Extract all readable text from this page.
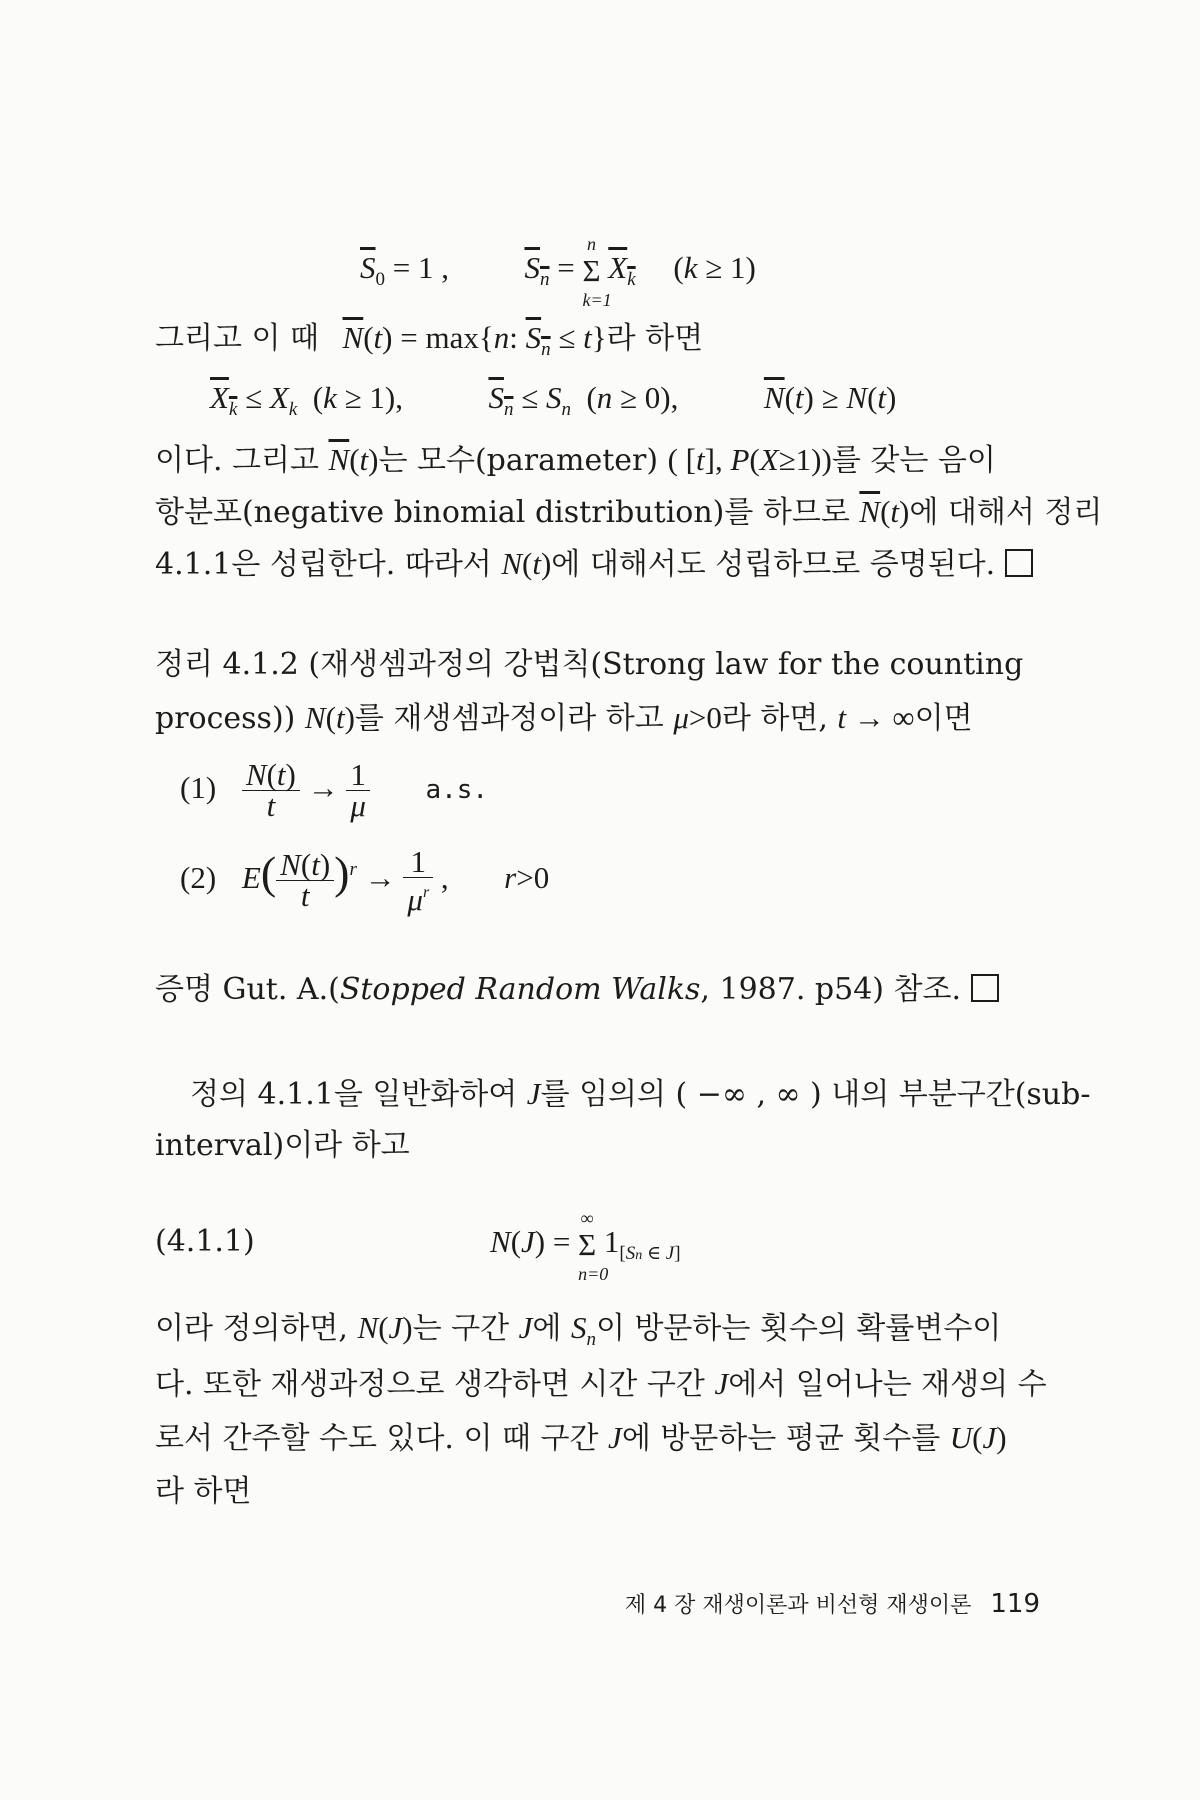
$\overline{S}_0 = 1$ ,  $S_n = \Sigma$
n
k=1
$X_k$ (k ≥ 1)
그리고 이 때 $\overline{N}(t) = \max\{n$: $S_n \le t$}라 하면
$X_k \le X_k$  (k ≥ 1),	$S_n \le S_n$  (n ≥ 0),	$\overline{N}(t) \ge N(t)$
이다. 그리고 $\overline{N}(t)$는 모수(parameter) ( [t], P(X≥1))를 갖는 음이
항분포(negative binomial distribution)를 하므로 $\overline{N}(t)$에 대해서 정리
4.1.1은 성립한다. 따라서 N(t)에 대해서도 성립하므로 증명된다.
정리 4.1.2 (재생셈과정의 강법칙(Strong law for the counting
process)) N(t)를 재생셈과정이라 하고 μ>0라 하면, t → ∞이면
$(1) \frac{N(t)}{t} \to \frac{1}{\mu} a.s$.
(2) $E( \frac{N(t)}{t} )^r \to \frac{1}{\mu^r}$ ,  r>0
증명 Gut. A.(Stopped Random Walks, 1987. p54) 참조.
정의 4.1.1을 일반화하여 J를 임의의 ( −∞ , ∞ ) 내의 부분구간(sub-
interval)이라 하고
(4.1.1)	N(J) = Σ
∞
n=0
$1_{[Sn \in J]}$
이라 정의하면, N(J)는 구간 J에 $S_n$이 방문하는 횟수의 확률변수이
다. 또한 재생과정으로 생각하면 시간 구간 J에서 일어나는 재생의 수
로서 간주할 수도 있다. 이 때 구간 J에 방문하는 평균 횟수를 U(J)
라 하면
제 4 장 재생이론과 비선형 재생이론 119
